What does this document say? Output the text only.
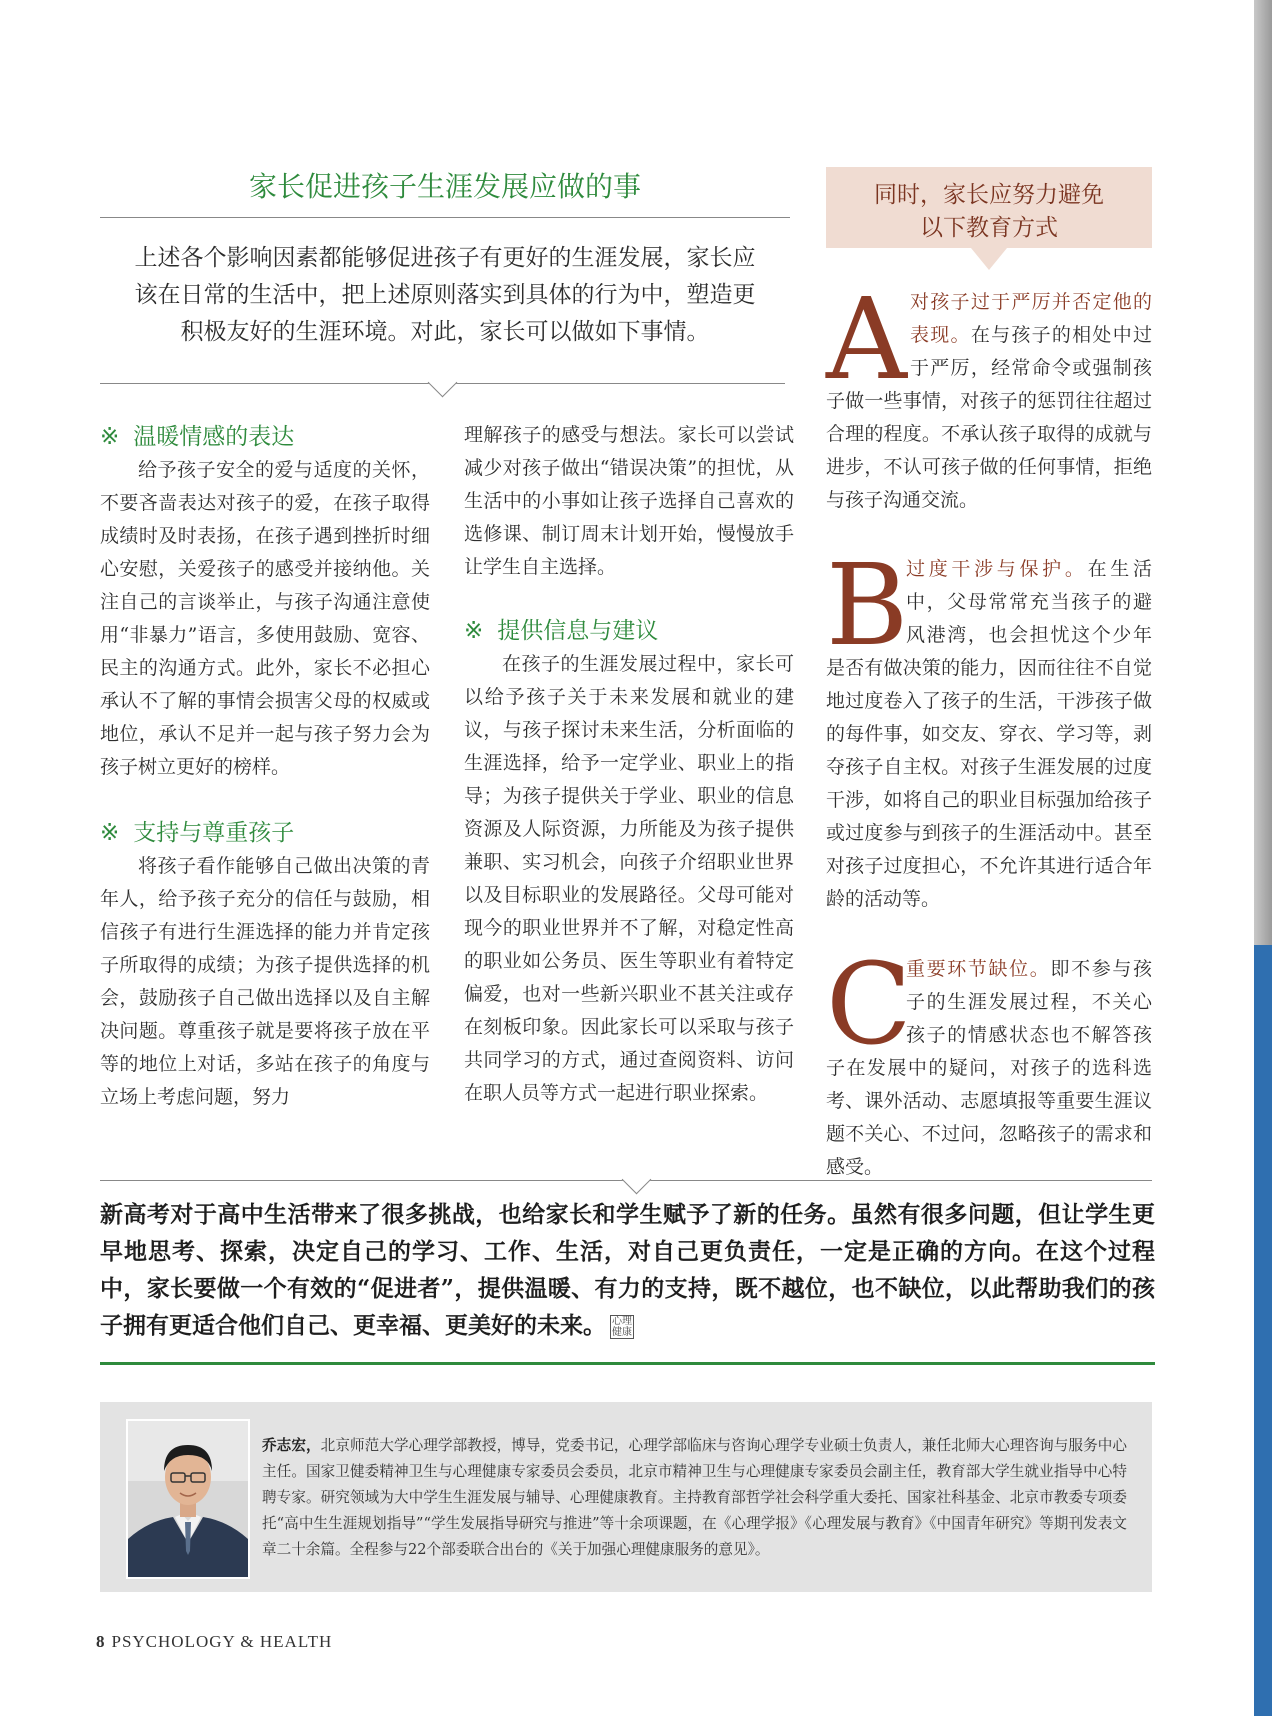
家长促进孩子生涯发展应做的事
上述各个影响因素都能够促进孩子有更好的生涯发展，家长应该在日常的生活中，把上述原则落实到具体的行为中，塑造更积极友好的生涯环境。对此，家长可以做如下事情。
※ 温暖情感的表达

给予孩子安全的爱与适度的关怀，不要吝啬表达对孩子的爱，在孩子取得成绩时及时表扬，在孩子遇到挫折时细心安慰，关爱孩子的感受并接纳他。关注自己的言谈举止，与孩子沟通注意使用“非暴力”语言，多使用鼓励、宽容、民主的沟通方式。此外，家长不必担心承认不了解的事情会损害父母的权威或地位，承认不足并一起与孩子努力会为孩子树立更好的榜样。

※ 支持与尊重孩子

将孩子看作能够自己做出决策的青年人，给予孩子充分的信任与鼓励，相信孩子有进行生涯选择的能力并肯定孩子所取得的成绩；为孩子提供选择的机会，鼓励孩子自己做出选择以及自主解决问题。尊重孩子就是要将孩子放在平等的地位上对话，多站在孩子的角度与立场上考虑问题，努力

理解孩子的感受与想法。家长可以尝试减少对孩子做出“错误决策”的担忧，从生活中的小事如让孩子选择自己喜欢的选修课、制订周末计划开始，慢慢放手让学生自主选择。

※ 提供信息与建议

在孩子的生涯发展过程中，家长可以给予孩子关于未来发展和就业的建议，与孩子探讨未来生活，分析面临的生涯选择，给予一定学业、职业上的指导；为孩子提供关于学业、职业的信息资源及人际资源，力所能及为孩子提供兼职、实习机会，向孩子介绍职业世界以及目标职业的发展路径。父母可能对现今的职业世界并不了解，对稳定性高的职业如公务员、医生等职业有着特定偏爱，也对一些新兴职业不甚关注或存在刻板印象。因此家长可以采取与孩子共同学习的方式，通过查阅资料、访问在职人员等方式一起进行职业探索。

同时，家长应努力避免
以下教育方式
A 对孩子过于严厉并否定他的表现。在与孩子的相处中过于严厉，经常命令或强制孩子做一些事情，对孩子的惩罚往往超过合理的程度。不承认孩子取得的成就与进步，不认可孩子做的任何事情，拒绝与孩子沟通交流。
B
过度干涉与保护。在生活中，父母常常充当孩子的避风港湾，也会担忧这个少年是否有做决策的能力，因而往往不自觉地过度卷入了孩子的生活，干涉孩子做的每件事，如交友、穿衣、学习等，剥夺孩子自主权。对孩子生涯发展的过度干涉，如将自己的职业目标强加给孩子或过度参与到孩子的生涯活动中。甚至对孩子过度担心，不允许其进行适合年龄的活动等。
C
重要环节缺位。即不参与孩子的生涯发展过程，不关心孩子的情感状态也不解答孩子在发展中的疑问，对孩子的选科选考、课外活动、志愿填报等重要生涯议题不关心、不过问，忽略孩子的需求和感受。
新高考对于高中生活带来了很多挑战，也给家长和学生赋予了新的任务。虽然有很多问题，但让学生更早地思考、探索，决定自己的学习、工作、生活，对自己更负责任，一定是正确的方向。在这个过程中，家长要做一个有效的“促进者”，提供温暖、有力的支持，既不越位，也不缺位，以此帮助我们的孩子拥有更适合他们自己、更幸福、更美好的未来。 心理健康
乔志宏，北京师范大学心理学部教授，博导，党委书记，心理学部临床与咨询心理学专业硕士负责人，兼任北师大心理咨询与服务中心主任。国家卫健委精神卫生与心理健康专家委员会委员，北京市精神卫生与心理健康专家委员会副主任，教育部大学生就业指导中心特聘专家。研究领域为大中学生生涯发展与辅导、心理健康教育。主持教育部哲学社会科学重大委托、国家社科基金、北京市教委专项委托“高中生生涯规划指导”“学生发展指导研究与推进”等十余项课题，在《心理学报》《心理发展与教育》《中国青年研究》等期刊发表文章二十余篇。全程参与22个部委联合出台的《关于加强心理健康服务的意见》。
8 PSYCHOLOGY & HEALTH
